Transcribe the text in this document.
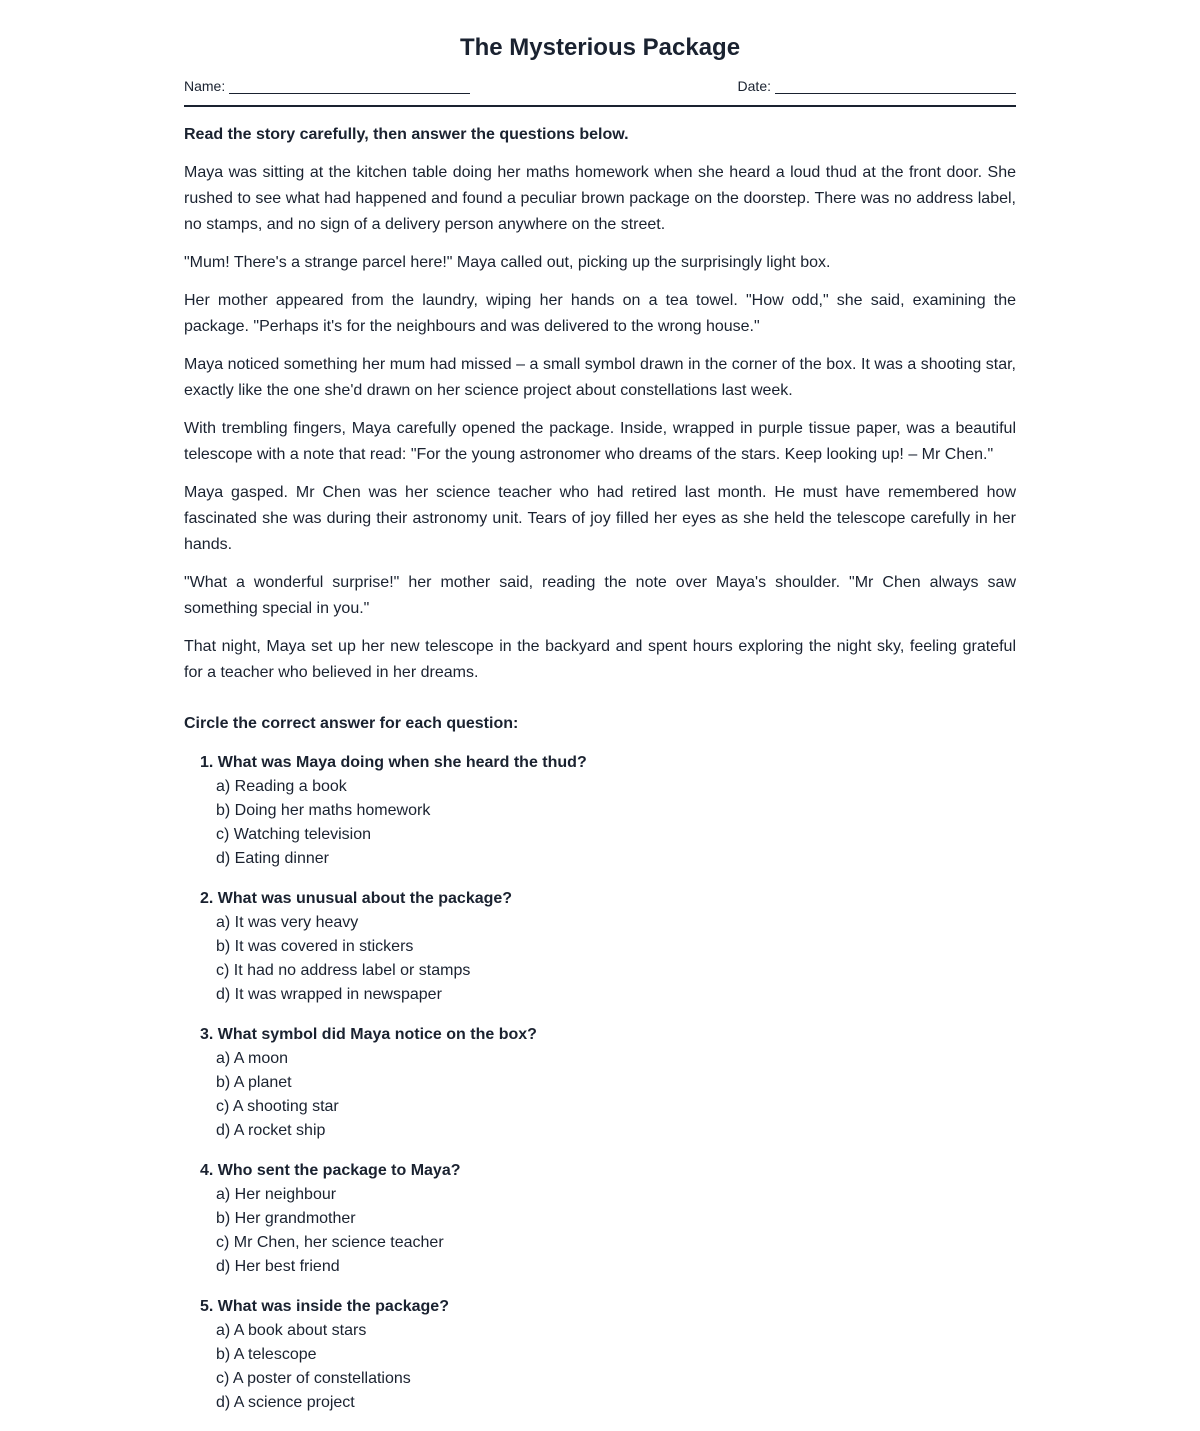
The Mysterious Package
Name:	Date:

Read the story carefully, then answer the questions below.

Maya was sitting at the kitchen table doing her maths homework when she heard a loud thud at the front door. She rushed to see what had happened and found a peculiar brown package on the doorstep. There was no address label, no stamps, and no sign of a delivery person anywhere on the street.

"Mum! There's a strange parcel here!" Maya called out, picking up the surprisingly light box.

Her mother appeared from the laundry, wiping her hands on a tea towel. "How odd," she said, examining the package. "Perhaps it's for the neighbours and was delivered to the wrong house."

Maya noticed something her mum had missed – a small symbol drawn in the corner of the box. It was a shooting star, exactly like the one she'd drawn on her science project about constellations last week.

With trembling fingers, Maya carefully opened the package. Inside, wrapped in purple tissue paper, was a beautiful telescope with a note that read: "For the young astronomer who dreams of the stars. Keep looking up! – Mr Chen."

Maya gasped. Mr Chen was her science teacher who had retired last month. He must have remembered how fascinated she was during their astronomy unit. Tears of joy filled her eyes as she held the telescope carefully in her hands.

"What a wonderful surprise!" her mother said, reading the note over Maya's shoulder. "Mr Chen always saw something special in you."

That night, Maya set up her new telescope in the backyard and spent hours exploring the night sky, feeling grateful for a teacher who believed in her dreams.

Circle the correct answer for each question:

1. What was Maya doing when she heard the thud?

a) Reading a book

b) Doing her maths homework

c) Watching television

d) Eating dinner

2. What was unusual about the package?

a) It was very heavy

b) It was covered in stickers

c) It had no address label or stamps

d) It was wrapped in newspaper

3. What symbol did Maya notice on the box?

a) A moon

b) A planet

c) A shooting star

d) A rocket ship

4. Who sent the package to Maya?

a) Her neighbour

b) Her grandmother

c) Mr Chen, her science teacher

d) Her best friend

5. What was inside the package?

a) A book about stars

b) A telescope

c) A poster of constellations

d) A science project
